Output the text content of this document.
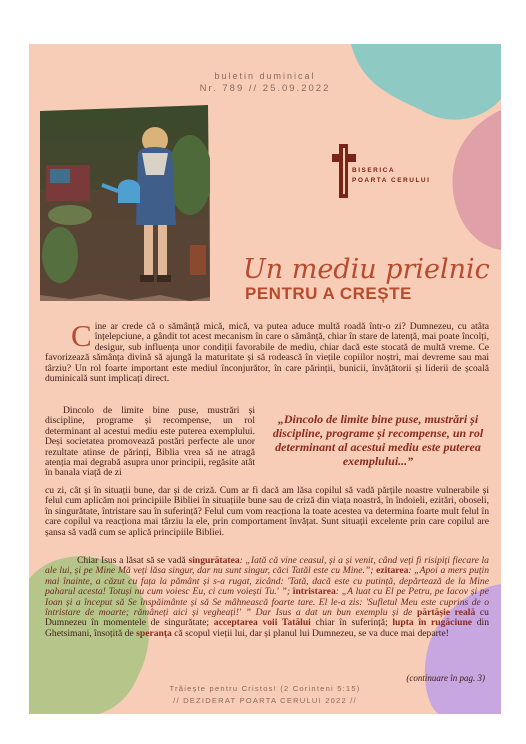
buletin duminical
Nr. 789 // 25.09.2022
BISERICA
POARTA CERULUI
Un mediu prielnic
PENTRU A CREȘTE

Cine ar crede că o sămânță mică, mică, va putea aduce multă roadă într-o zi? Dumnezeu, cu atâta înțelepciune, a gândit tot acest mecanism în care o sămânță, chiar în stare de latență, mai poate încolți, desigur, sub influența unor condiții favorabile de mediu, chiar dacă este stocată de multă vreme. Ce favorizează sămânța divină să ajungă la maturitate și să rodească în viețile copiilor noștri, mai devreme sau mai târziu? Un rol foarte important este mediul înconjurător, în care părinții, bunicii, învățătorii și liderii de școală duminicală sunt implicați direct.

Dincolo de limite bine puse, mustrări și discipline, programe și recompense, un rol determinant al acestui mediu este puterea exemplului. Deși societatea promovează postări perfecte ale unor rezultate atinse de părinți, Biblia vrea să ne atragă atenția mai degrabă asupra unor principii, regăsite atât în banala viață de zi

„Dincolo de limite bine puse, mustrări și discipline, programe și recompense, un rol determinant al acestui mediu este puterea exemplului...”

cu zi, cât și în situații bune, dar și de criză. Cum ar fi dacă am lăsa copilul să vadă părțile noastre vulnerabile și felul cum aplicăm noi principiile Bibliei în situațiile bune sau de criză din viața noastră, în îndoieli, ezitări, oboseli, în singurătate, întristare sau în suferință? Felul cum vom reacționa la toate acestea va determina foarte mult felul în care copilul va reacționa mai târziu la ele, prin comportament învățat. Sunt situații excelente prin care copilul are șansa să vadă cum se aplică principiile Bibliei.

Chiar Isus a lăsat să se vadă singurătatea: „Iată că vine ceasul, și a și venit, când veți fi risipiți fiecare la ale lui, și pe Mine Mă veți lăsa singur, dar nu sunt singur, căci Tatăl este cu Mine.”; ezitarea: „Apoi a mers puțin mai înainte, a căzut cu fața la pământ și s-a rugat, zicând: 'Tată, dacă este cu putință, depărtează de la Mine paharul acesta! Totuși nu cum voiesc Eu, ci cum voiești Tu.' ”; întristarea: „A luat cu El pe Petru, pe Iacov și pe Ioan și a început să Se înspăimânte și să Se mâhnească foarte tare. El le-a zis: 'Sufletul Meu este cuprins de o întristare de moarte; rămâneți aici și vegheați!' ” Dar Isus a dat un bun exemplu și de părtășie reală cu Dumnezeu în momentele de singurătate; acceptarea voii Tatălui chiar în suferință; lupta în rugăciune din Ghetsimani, însoțită de speranța că scopul vieții lui, dar și planul lui Dumnezeu, se va duce mai departe!

(continuare în pag. 3)
Trăiește pentru Cristos! (2 Corinteni 5:15)
// DEZIDERAT POARTA CERULUI 2022 //
